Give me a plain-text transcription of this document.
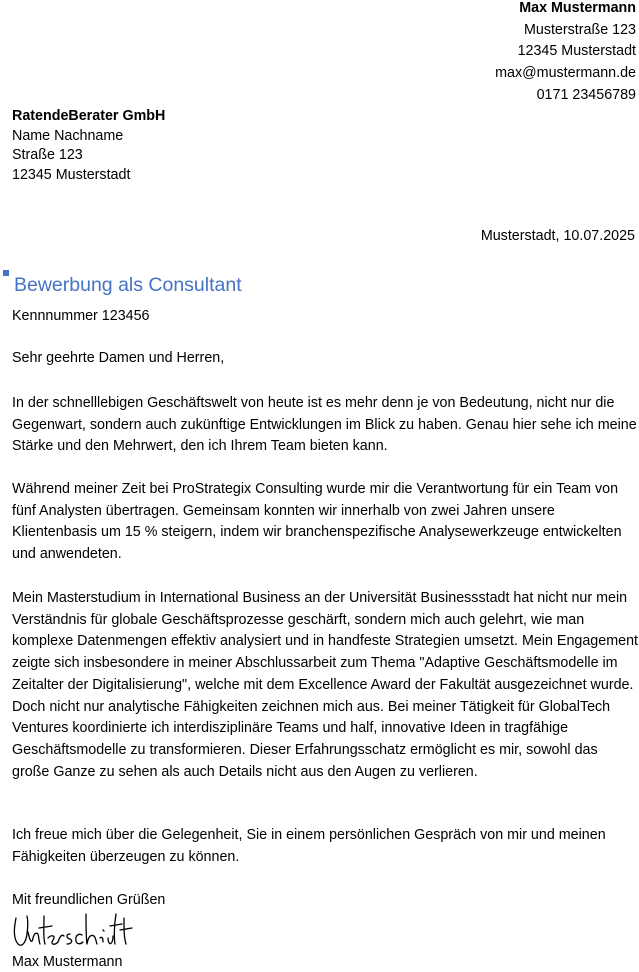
Max Mustermann
Musterstraße 123
12345 Musterstadt
max@mustermann.de
0171 23456789
RatendeBerater GmbH
Name Nachname
Straße 123
12345 Musterstadt
Musterstadt, 10.07.2025
Bewerbung als Consultant
Kennnummer 123456
Sehr geehrte Damen und Herren,

In der schnelllebigen Geschäftswelt von heute ist es mehr denn je von Bedeutung, nicht nur die Gegenwart, sondern auch zukünftige Entwicklungen im Blick zu haben. Genau hier sehe ich meine Stärke und den Mehrwert, den ich Ihrem Team bieten kann.

Während meiner Zeit bei ProStrategix Consulting wurde mir die Verantwortung für ein Team von fünf Analysten übertragen. Gemeinsam konnten wir innerhalb von zwei Jahren unsere Klientenbasis um 15 % steigern, indem wir branchenspezifische Analysewerkzeuge entwickelten und anwendeten.

Mein Masterstudium in International Business an der Universität Businessstadt hat nicht nur mein Verständnis für globale Geschäftsprozesse geschärft, sondern mich auch gelehrt, wie man komplexe Datenmengen effektiv analysiert und in handfeste Strategien umsetzt. Mein Engagement zeigte sich insbesondere in meiner Abschlussarbeit zum Thema "Adaptive Geschäftsmodelle im Zeitalter der Digitalisierung", welche mit dem Excellence Award der Fakultät ausgezeichnet wurde. Doch nicht nur analytische Fähigkeiten zeichnen mich aus. Bei meiner Tätigkeit für GlobalTech Ventures koordinierte ich interdisziplinäre Teams und half, innovative Ideen in tragfähige Geschäftsmodelle zu transformieren. Dieser Erfahrungsschatz ermöglicht es mir, sowohl das große Ganze zu sehen als auch Details nicht aus den Augen zu verlieren.

Ich freue mich über die Gelegenheit, Sie in einem persönlichen Gespräch von mir und meinen Fähigkeiten überzeugen zu können.

Mit freundlichen Grüßen
Max Mustermann
